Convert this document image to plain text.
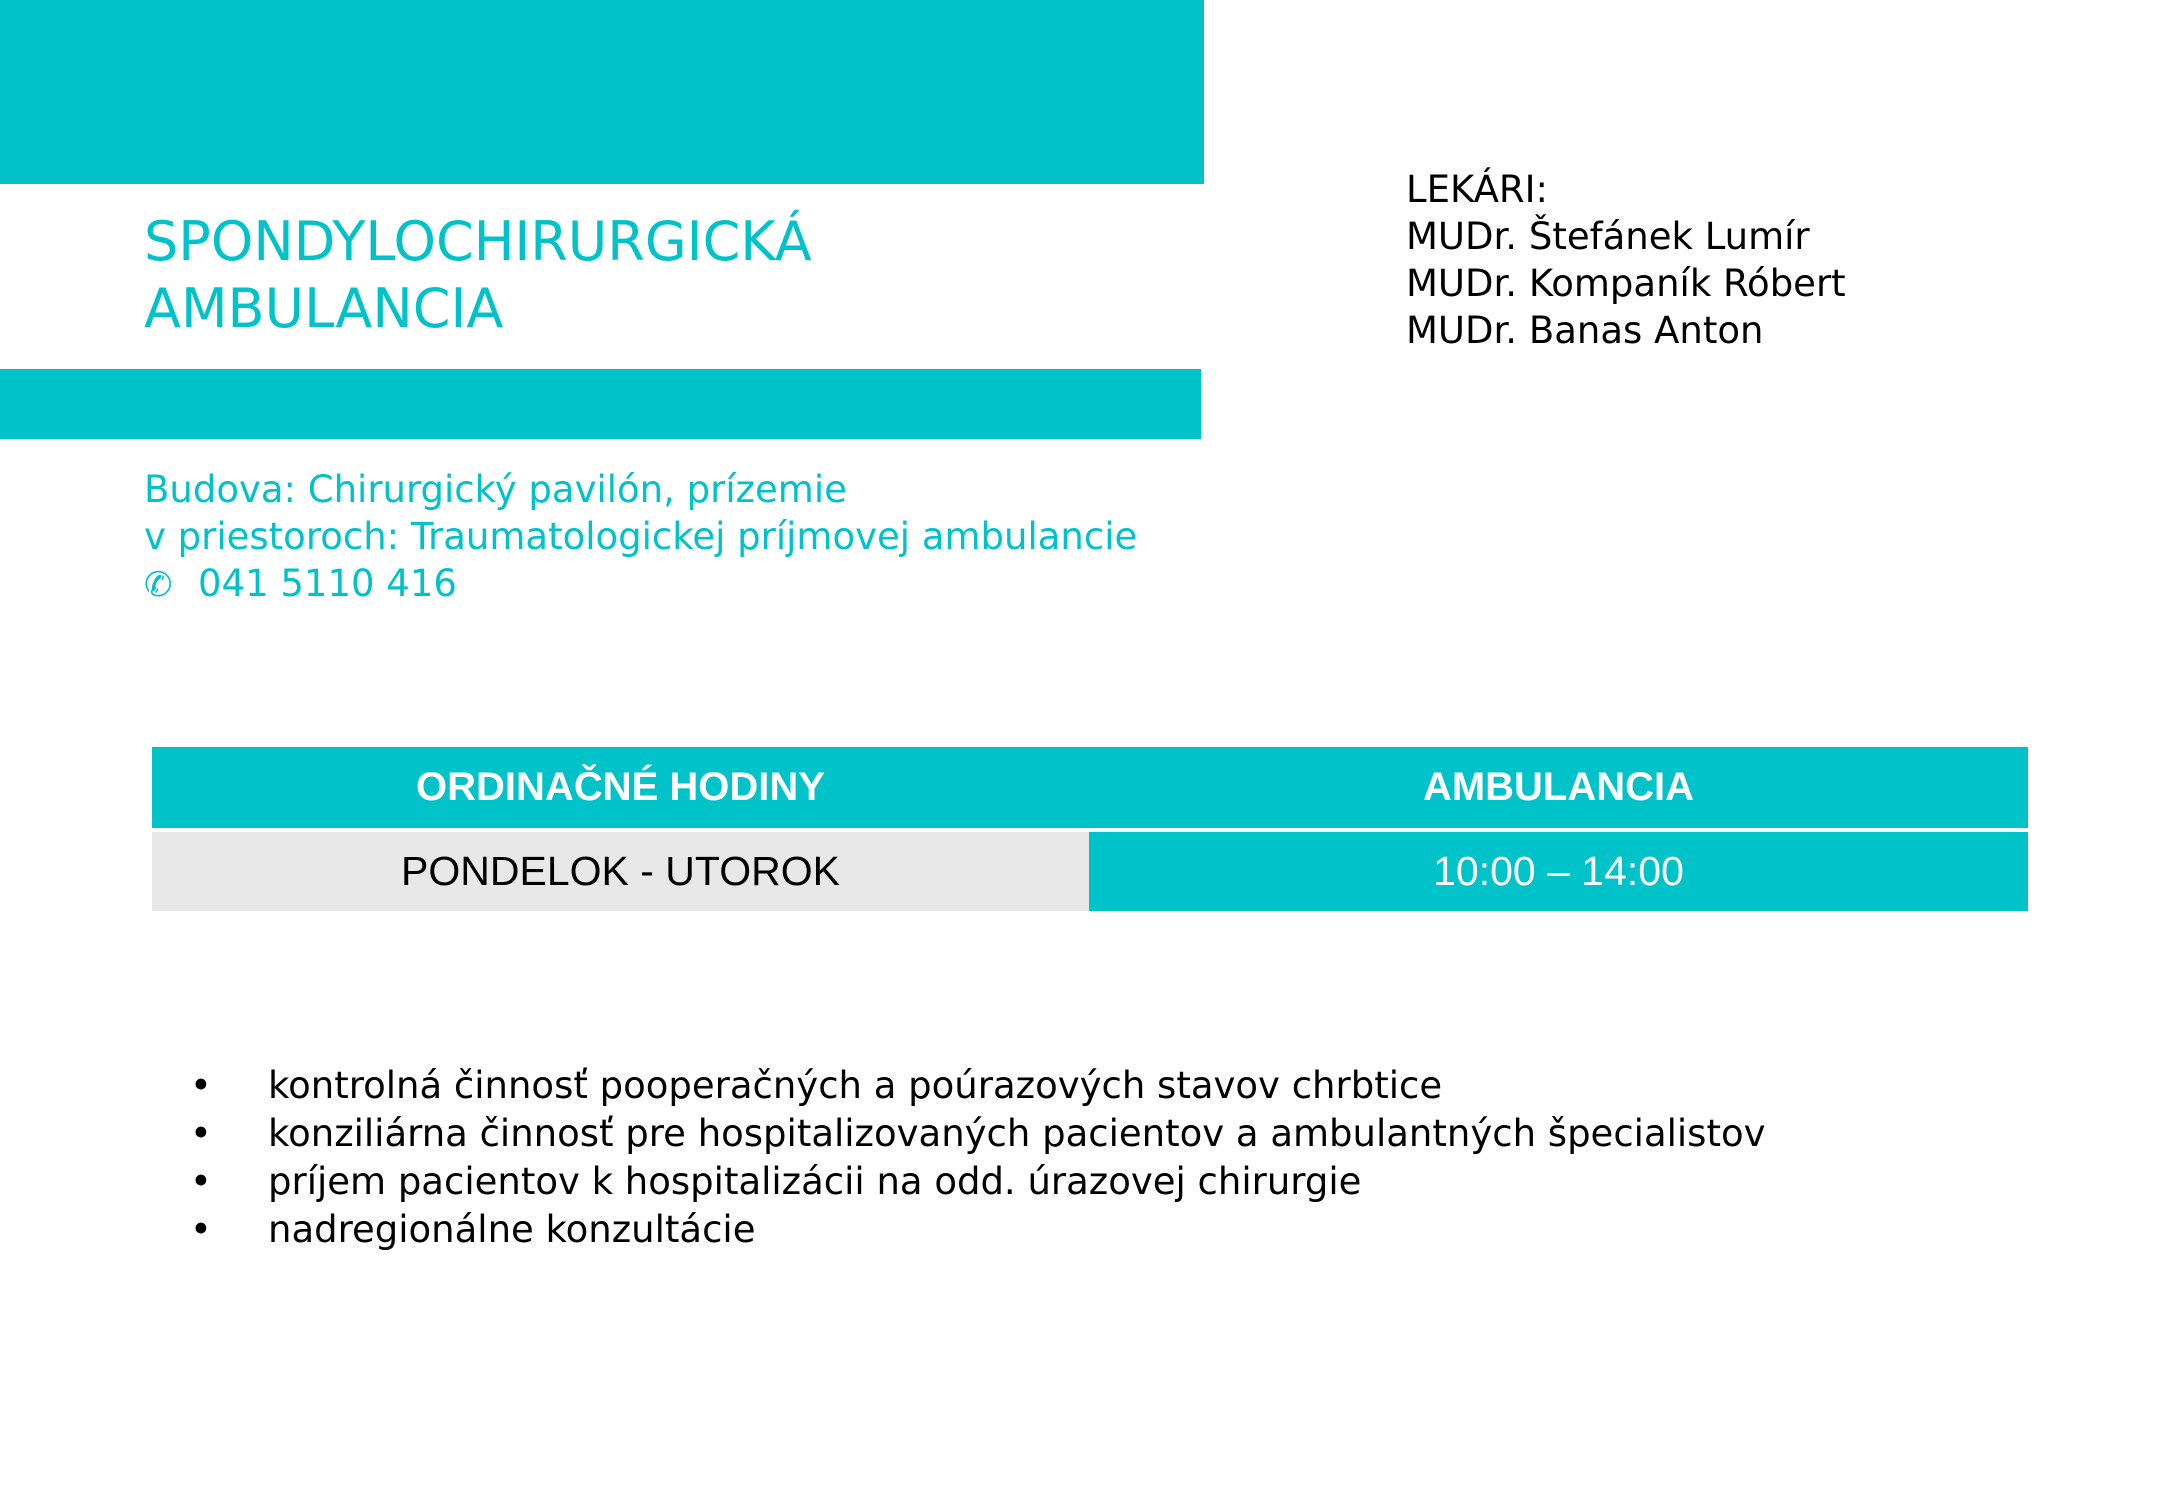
SPONDYLOCHIRURGICKÁ
AMBULANCIA
LEKÁRI:
MUDr. Štefánek Lumír
MUDr. Kompaník Róbert
MUDr. Banas Anton
Budova: Chirurgický pavilón, prízemie
v priestoroch: Traumatologickej príjmovej ambulancie
✆ 041 5110 416
ORDINAČNÉ HODINY	AMBULANCIA
PONDELOK - UTOROK	10:00 – 14:00
• kontrolná činnosť pooperačných a poúrazových stavov chrbtice
• konziliárna činnosť pre hospitalizovaných pacientov a ambulantných špecialistov
• príjem pacientov k hospitalizácii na odd. úrazovej chirurgie
• nadregionálne konzultácie
